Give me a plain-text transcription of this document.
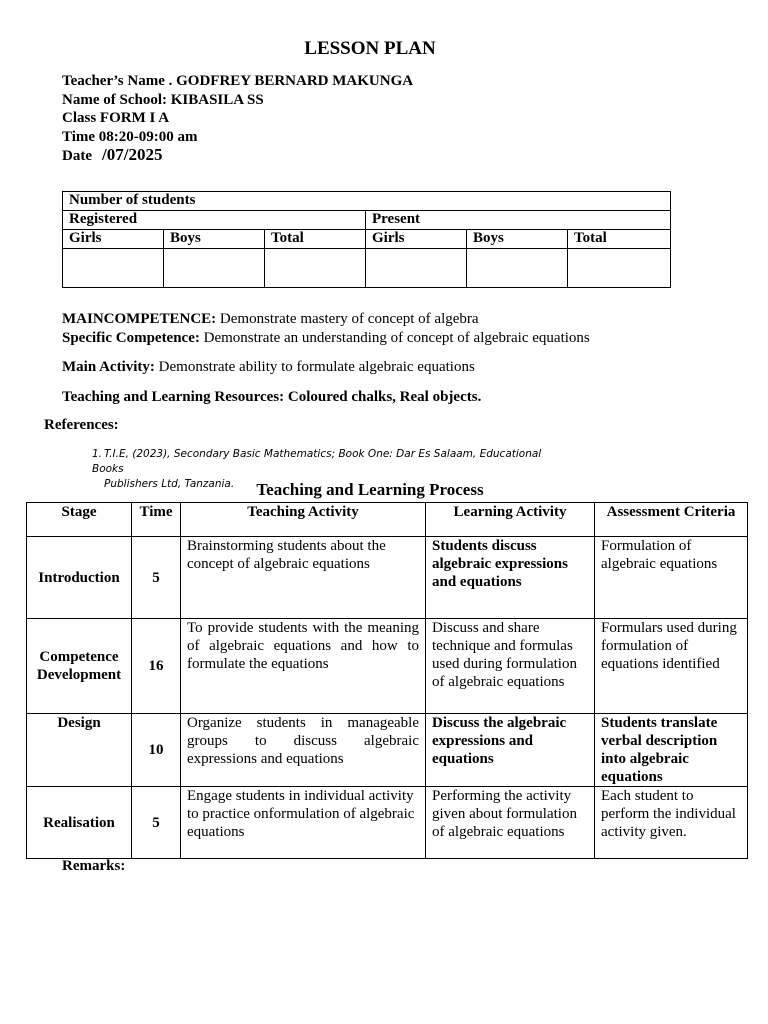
LESSON PLAN
Teacher’s Name . GODFREY BERNARD MAKUNGA
Name of School: KIBASILA SS
Class FORM I A
Time 08:20-09:00 am
Date /07/2025
Number of students					
Registered			Present		
Girls	Boys	Total	Girls	Boys	Total

MAINCOMPETENCE: Demonstrate mastery of concept of algebra
Specific Competence: Demonstrate an understanding of concept of algebraic equations
Main Activity: Demonstrate ability to formulate algebraic equations
Teaching and Learning Resources: Coloured chalks, Real objects.
References:
1. T.I.E, (2023), Secondary Basic Mathematics; Book One: Dar Es Salaam, Educational Books
Publishers Ltd, Tanzania.	Teaching and Learning Process
Stage	Time	Teaching Activity	Learning Activity	Assessment Criteria
Introduction	5	Brainstorming students about the concept of algebraic equations	Students discuss algebraic expressions and equations	Formulation of algebraic equations
Competence Development	16	To provide students with the meaning of algebraic equations and how to formulate the equations	Discuss and share technique and formulas used during formulation of algebraic equations	Formulars used during formulation of equations identified
Design	10	Organize students in manageable groups to discuss algebraic expressions and equations	Discuss the algebraic expressions and equations	Students translate verbal description into algebraic equations
Realisation	5	Engage students in individual activity to practice onformulation of algebraic equations	Performing the activity given about formulation of algebraic equations	Each student to perform the individual activity given.
Remarks:
